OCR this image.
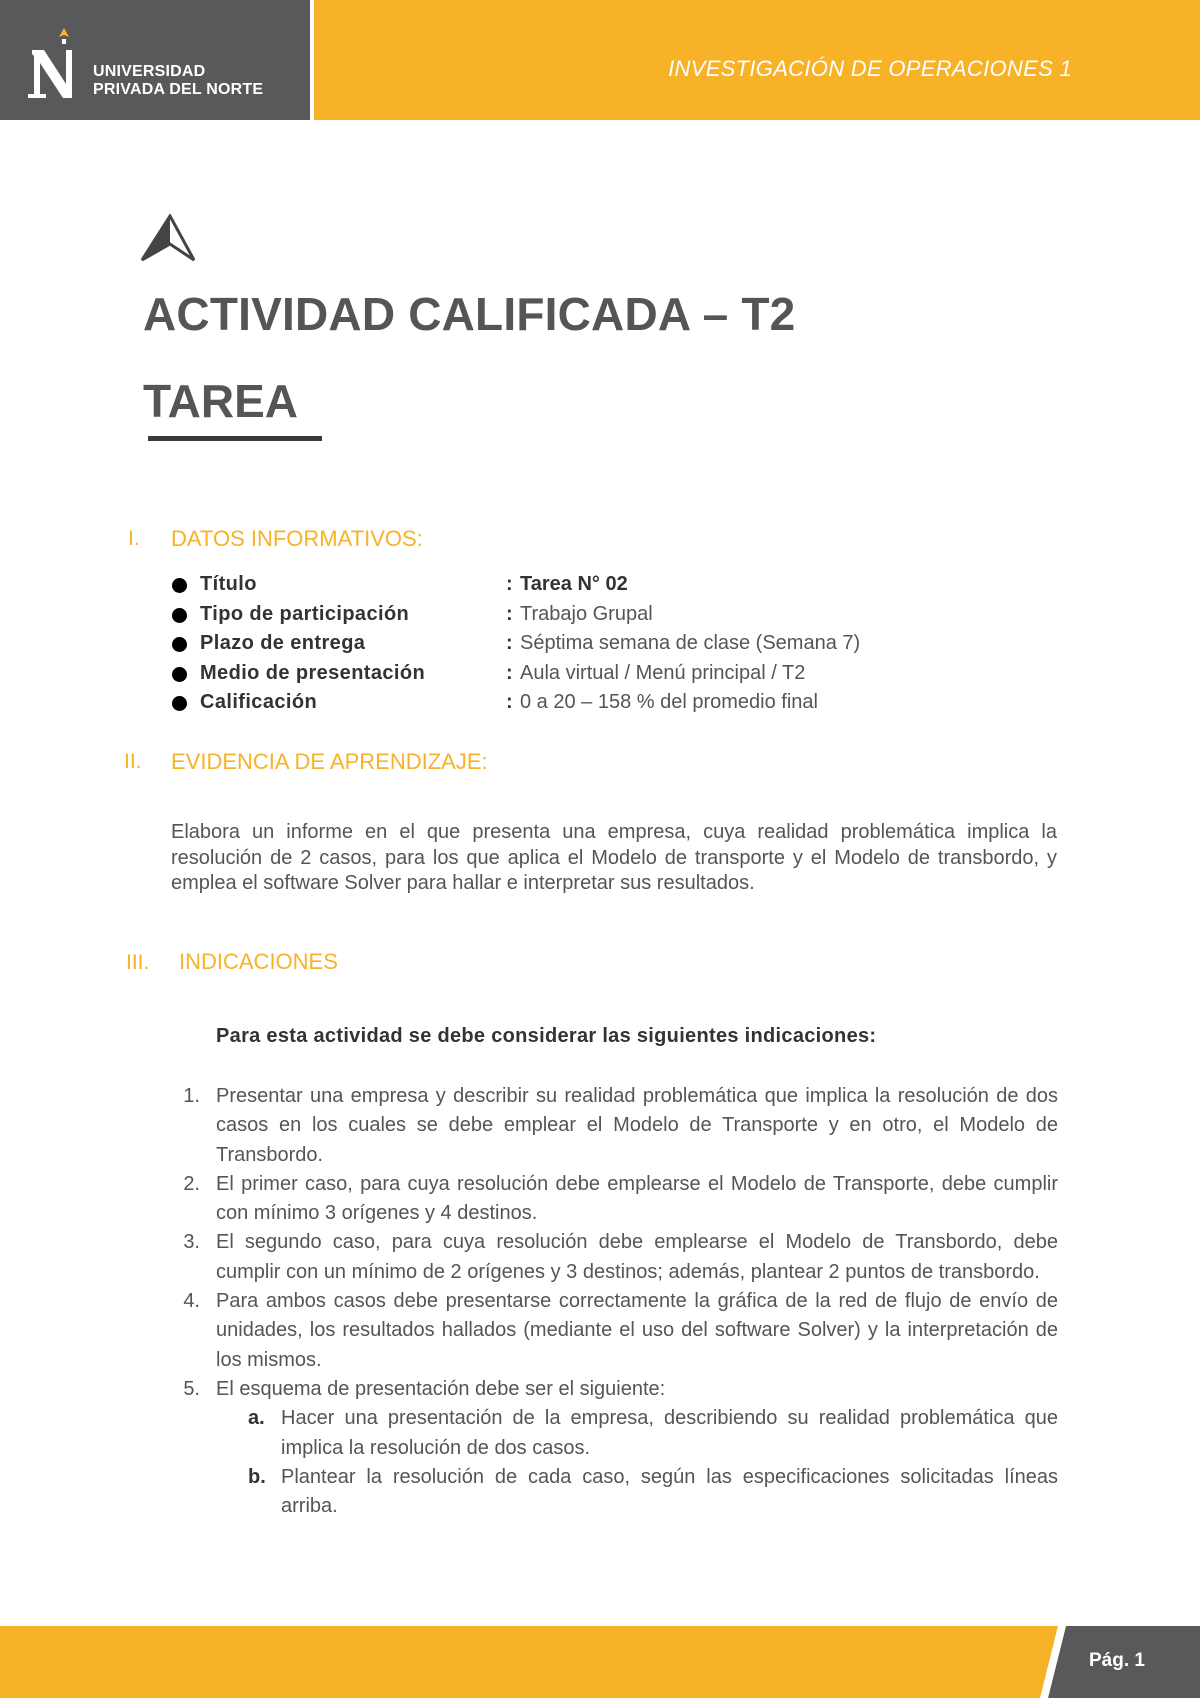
UNIVERSIDAD
PRIVADA DEL NORTE
INVESTIGACIÓN DE OPERACIONES 1
ACTIVIDAD CALIFICADA – T2
TAREA
I. DATOS INFORMATIVOS:
Título	: Tarea N° 02
Tipo de participación	: Trabajo Grupal
Plazo de entrega	: Séptima semana de clase (Semana 7)
Medio de presentación	: Aula virtual / Menú principal / T2
Calificación	: 0 a 20 – 158 % del promedio final
II. EVIDENCIA DE APRENDIZAJE:

Elabora un informe en el que presenta una empresa, cuya realidad problemática implica la resolución de 2 casos, para los que aplica el Modelo de transporte y el Modelo de transbordo, y emplea el software Solver para hallar e interpretar sus resultados.

III. INDICACIONES
Para esta actividad se debe considerar las siguientes indicaciones:
1. Presentar una empresa y describir su realidad problemática que implica la resolución de dos casos en los cuales se debe emplear el Modelo de Transporte y en otro, el Modelo de Transbordo.
2. El primer caso, para cuya resolución debe emplearse el Modelo de Transporte, debe cumplir con mínimo 3 orígenes y 4 destinos.
3. El segundo caso, para cuya resolución debe emplearse el Modelo de Transbordo, debe cumplir con un mínimo de 2 orígenes y 3 destinos; además, plantear 2 puntos de transbordo.
4. Para ambos casos debe presentarse correctamente la gráfica de la red de flujo de envío de unidades, los resultados hallados (mediante el uso del software Solver) y la interpretación de los mismos.
5. El esquema de presentación debe ser el siguiente:
a. Hacer una presentación de la empresa, describiendo su realidad problemática que implica la resolución de dos casos.
b. Plantear la resolución de cada caso, según las especificaciones solicitadas líneas arriba.
Pág. 1
